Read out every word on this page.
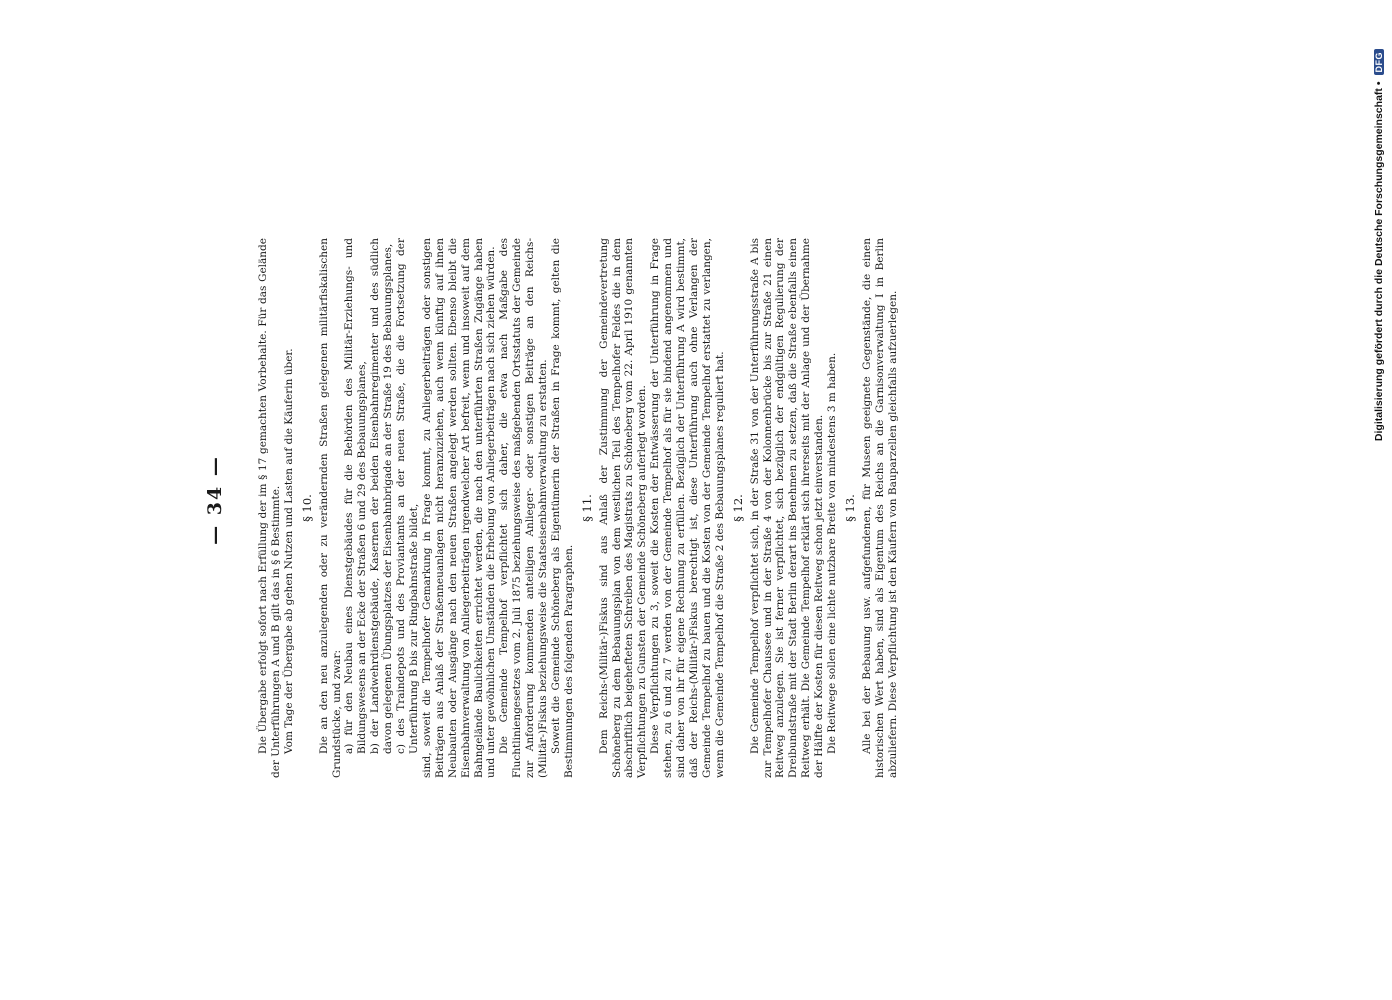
— 34 —	Die Übergabe erfolgt sofort nach Erfüllung der im § 17 gemachten Vorbehalte. Für das Gelände der Unterführungen A und B gilt das in § 6 Bestimmte. Vom Tage der Übergabe ab gehen Nutzen und Lasten auf die Käuferin über. § 10. Die an den neu anzulegenden oder zu verändernden Straßen gelegenen militärfiskalischen Grundstücke, und zwar: a) für den Neubau eines Dienstgebäudes für die Behörden des Militär-Erziehungs- und Bildungswesens an der Ecke der Straßen 6 und 29 des Bebauungsplanes, b) der Landwehrdienstgebäude, Kasernen der beiden Eisenbahnregimenter und des südlich davon gelegenen Übungsplatzes der Eisenbahnbrigade an der Straße 19 des Bebauungsplanes, c) des Traindepots und des Proviantamts an der neuen Straße, die die Fortsetzung der Unterführung B bis zur Ringbahnstraße bildet, sind, soweit die Tempelhofer Gemarkung in Frage kommt, zu Anliegerbeiträgen oder sonstigen Beiträgen aus Anlaß der Straßenneuanlagen nicht heranzuziehen, auch wenn künftig auf ihnen Neubauten oder Ausgänge nach den neuen Straßen angelegt werden sollten. Ebenso bleibt die Eisenbahnverwaltung von Anliegerbeiträgen irgendwelcher Art befreit, wenn und insoweit auf dem Bahngelände Baulichkeiten errichtet werden, die nach den unterführten Straßen Zugänge haben und unter gewöhnlichen Umständen die Erhebung von Anliegerbeiträgen nach sich ziehen würden. Die Gemeinde Tempelhof verpflichtet sich daher, die etwa nach Maßgabe des Fluchtliniengesetzes vom 2. Juli 1875 beziehungsweise des maßgebenden Ortsstatuts der Gemeinde zur Anforderung kommenden anteiligen Anlieger- oder sonstigen Beiträge an den Reichs-(Militär-)Fiskus beziehungsweise die Staatseisenbahnverwaltung zu erstatten. Soweit die Gemeinde Schöneberg als Eigentümerin der Straßen in Frage kommt, gelten die Bestimmungen des folgenden Paragraphen.

§ 11. Dem Reichs-(Militär-)Fiskus sind aus Anlaß der Zustimmung der Gemeindevertretung Schöneberg zu dem Bebauungsplan von dem westlichen Teil des Tempelhofer Feldes die in dem abschriftlich beigehefteten Schreiben des Magistrats zu Schöneberg vom 22. April 1910 genannten Verpflichtungen zu Gunsten der Gemeinde Schöneberg auferlegt worden. Diese Verpflichtungen zu 3, soweit die Kosten der Entwässerung der Unterführung in Frage stehen, zu 6 und zu 7 werden von der Gemeinde Tempelhof als für sie bindend angenommen und sind daher von ihr für eigene Rechnung zu erfüllen. Bezüglich der Unterführung A wird bestimmt, daß der Reichs-(Militär-)Fiskus berechtigt ist, diese Unterführung auch ohne Verlangen der Gemeinde Tempelhof zu bauen und die Kosten von der Gemeinde Tempelhof erstattet zu verlangen, wenn die Gemeinde Tempelhof die Straße 2 des Bebauungsplanes reguliert hat. § 12. Die Gemeinde Tempelhof verpflichtet sich, in der Straße 31 von der Unterführungsstraße A bis zur Tempelhofer Chaussee und in der Straße 4 von der Kolonnenbrücke bis zur Straße 21 einen Reitweg anzulegen. Sie ist ferner verpflichtet, sich bezüglich der endgültigen Regulierung der Dreibundstraße mit der Stadt Berlin derart ins Benehmen zu setzen, daß die Straße ebenfalls einen Reitweg erhält. Die Gemeinde Tempelhof erklärt sich ihrerseits mit der Anlage und der Übernahme der Hälfte der Kosten für diesen Reitweg schon jetzt einverstanden. Die Reitwege sollen eine lichte nutzbare Breite von mindestens 3 m haben. § 13. Alle bei der Bebauung usw. aufgefundenen, für Museen geeignete Gegenstände, die einen historischen Wert haben, sind als Eigentum des Reichs an die Garnisonverwaltung I in Berlin abzuliefern. Diese Verpflichtung ist den Käufern von Bauparzellen gleichfalls aufzuerlegen.

Digitalisierung gefördert durch die Deutsche Forschungsgemeinschaft •
DFG
